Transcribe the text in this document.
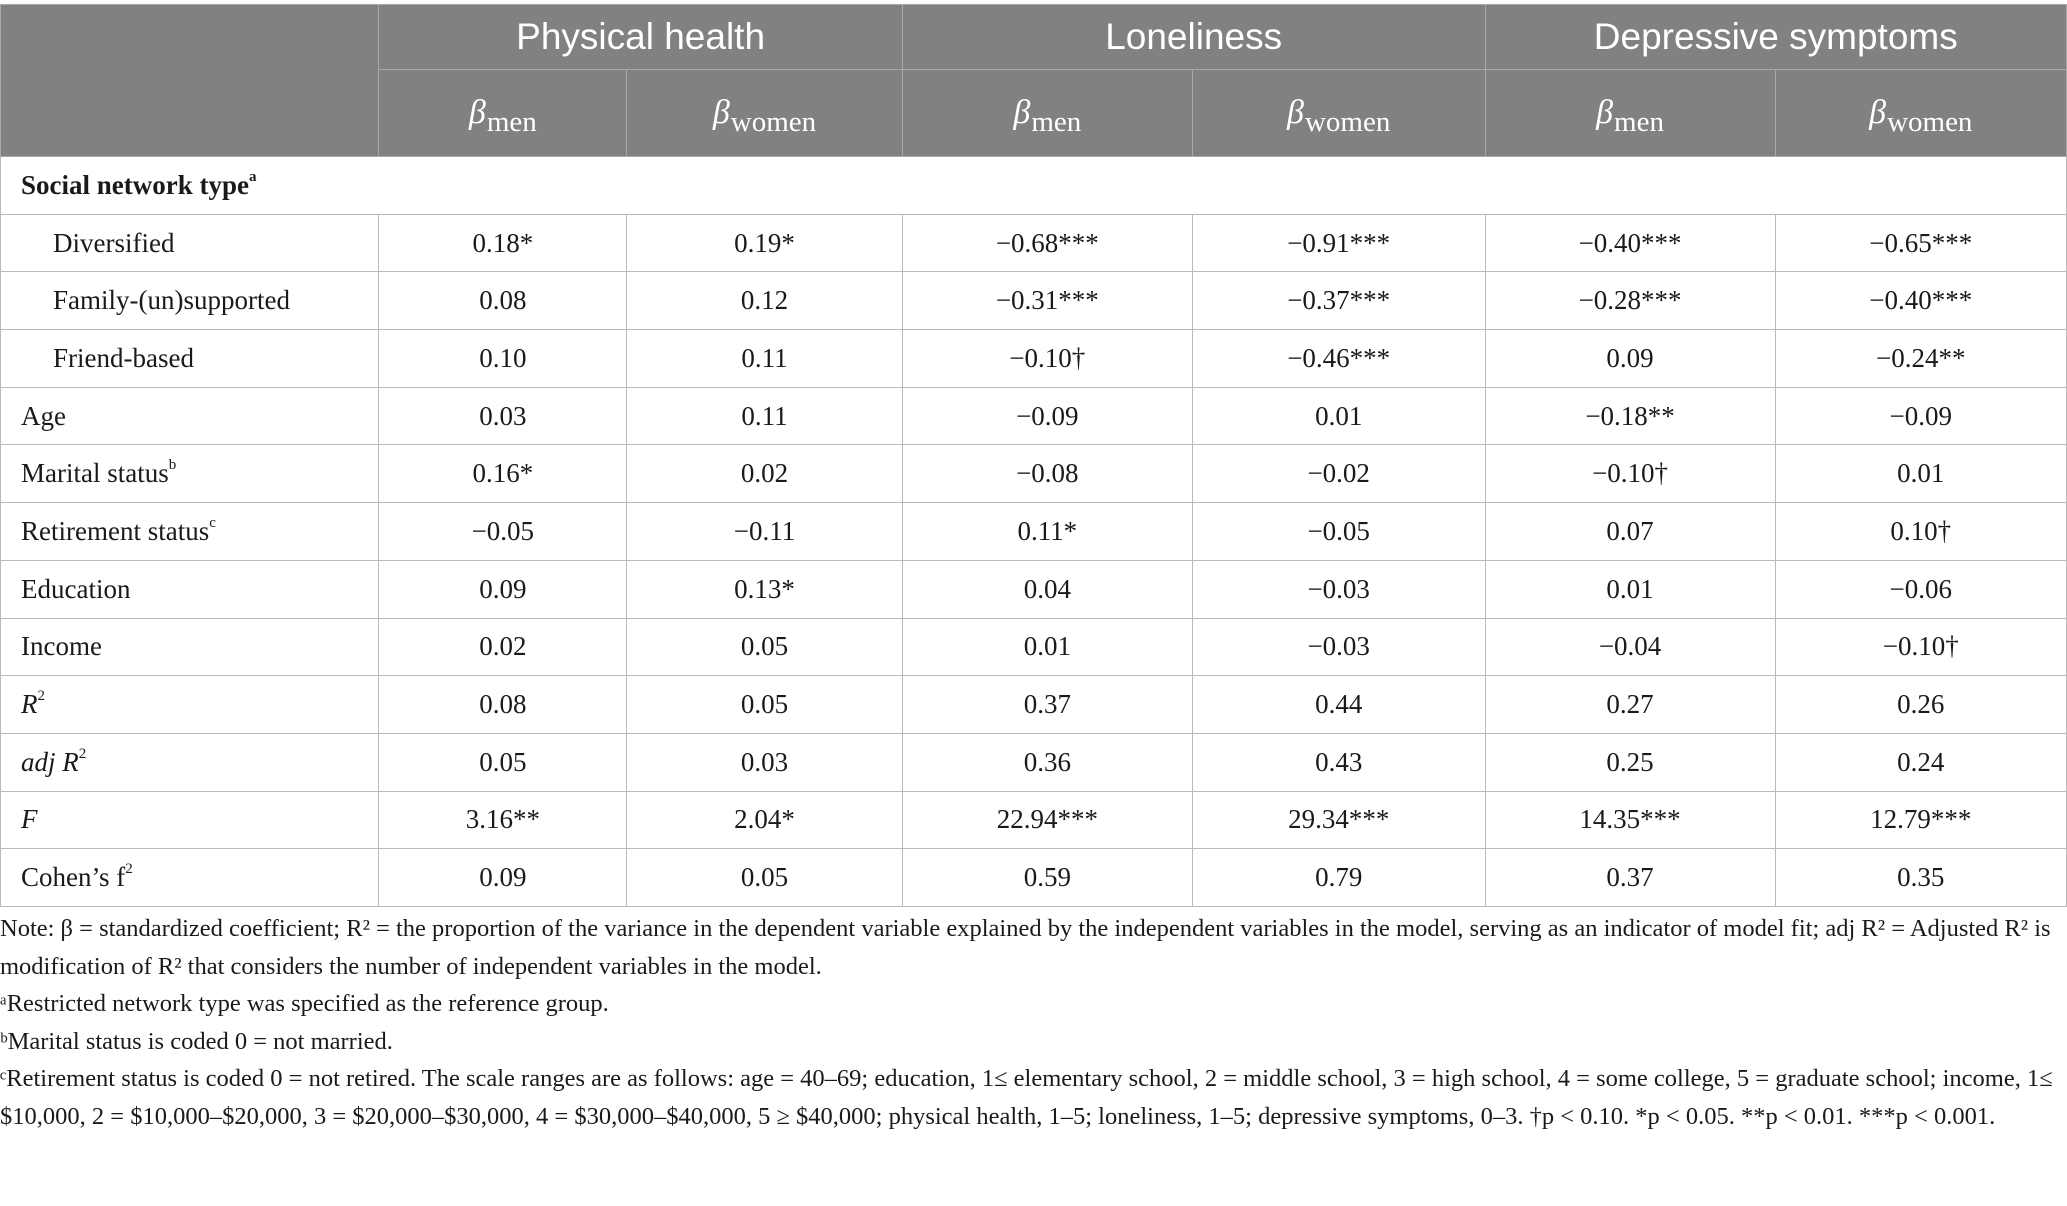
	Physical health		Loneliness		Depressive symptoms	
	βmen	βwomen	βmen	βwomen	βmen	βwomen
Social network type$^a$
Diversified	0.18*	0.19*	−0.68***	−0.91***	−0.40***	−0.65***
Family-(un)supported	0.08	0.12	−0.31***	−0.37***	−0.28***	−0.40***
Friend-based	0.10	0.11	−0.10†	−0.46***	0.09	−0.24**
Age	0.03	0.11	−0.09	0.01	−0.18**	−0.09
Marital status$^b$	0.16*	0.02	−0.08	−0.02	−0.10†	0.01
Retirement status$^c$	−0.05	−0.11	0.11*	−0.05	0.07	0.10†
Education	0.09	0.13*	0.04	−0.03	0.01	−0.06
Income	0.02	0.05	0.01	−0.03	−0.04	−0.10†
$R^2$	0.08	0.05	0.37	0.44	0.27	0.26
adj $R^2$	0.05	0.03	0.36	0.43	0.25	0.24
F	3.16**	2.04*	22.94***	29.34***	14.35***	12.79***
Cohen’s $f^2$	0.09	0.05	0.59	0.79	0.37	0.35

Note: β = standardized coefficient; R² = the proportion of the variance in the dependent variable explained by the independent variables in the model, serving as an indicator of model fit; adj R² = Adjusted R² is modification of R² that considers the number of independent variables in the model.

ᵃRestricted network type was specified as the reference group.

ᵇMarital status is coded 0 = not married.

ᶜRetirement status is coded 0 = not retired. The scale ranges are as follows: age = 40–69; education, 1≤ elementary school, 2 = middle school, 3 = high school, 4 = some college, 5 = graduate school; income, 1≤ $10,000, 2 = $10,000–$20,000, 3 = $20,000–$30,000, 4 = $30,000–$40,000, 5 ≥ $40,000; physical health, 1–5; loneliness, 1–5; depressive symptoms, 0–3. †p < 0.10. *p < 0.05. **p < 0.01. ***p < 0.001.
